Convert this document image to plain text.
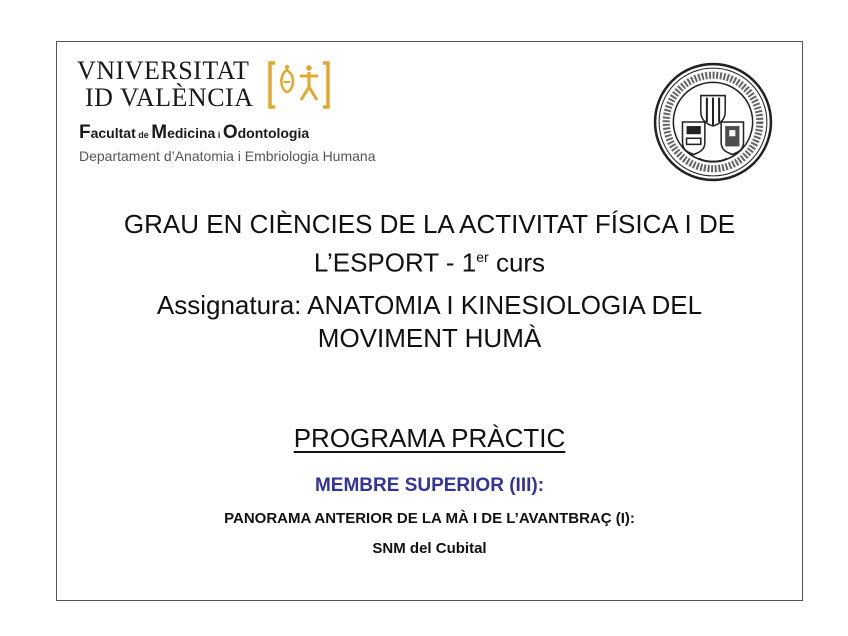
VNIVERSITAT
ID VALÈNCIA
Facultat de Medicina i Odontologia
Departament d’Anatomia i Embriologia Humana
GRAU EN CIÈNCIES DE LA ACTIVITAT FÍSICA I DE
L’ESPORT - 1er curs
Assignatura: ANATOMIA I KINESIOLOGIA DEL
MOVIMENT HUMÀ
PROGRAMA PRÀCTIC
MEMBRE SUPERIOR (III):
PANORAMA ANTERIOR DE LA MÀ I DE L’AVANTBRAÇ (I):
SNM del Cubital
